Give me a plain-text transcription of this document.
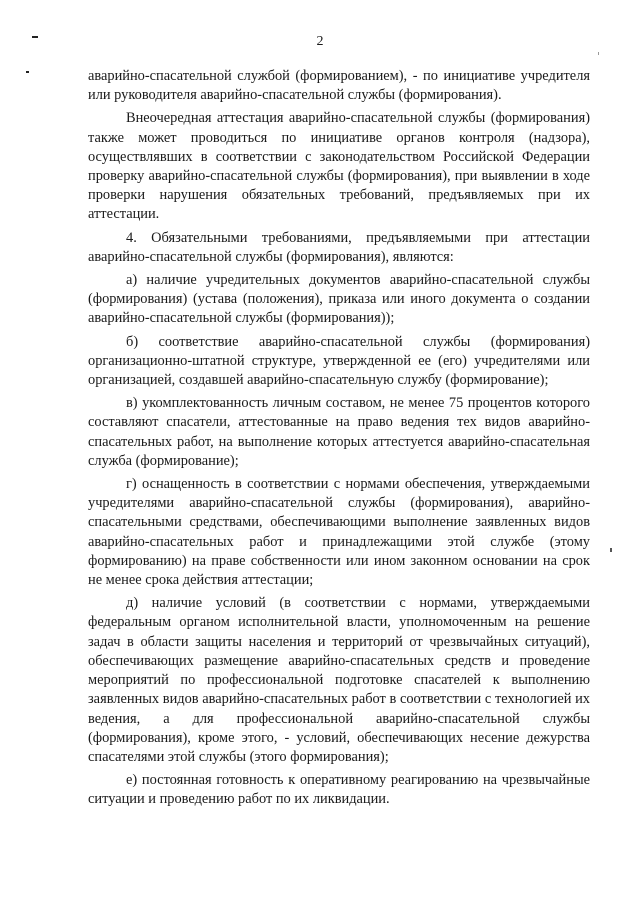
2

аварийно-спасательной службой (формированием), - по инициативе учредителя или руководителя аварийно-спасательной службы (формирования).

Внеочередная аттестация аварийно-спасательной службы (формирования) также может проводиться по инициативе органов контроля (надзора), осуществлявших в соответствии с законодательством Российской Федерации проверку аварийно-спасательной службы (формирования), при выявлении в ходе проверки нарушения обязательных требований, предъявляемых при их аттестации.

4. Обязательными требованиями, предъявляемыми при аттестации аварийно-спасательной службы (формирования), являются:

а) наличие учредительных документов аварийно-спасательной службы (формирования) (устава (положения), приказа или иного документа о создании аварийно-спасательной службы (формирования));

б) соответствие аварийно-спасательной службы (формирования) организационно-штатной структуре, утвержденной ее (его) учредителями или организацией, создавшей аварийно-спасательную службу (формирование);

в) укомплектованность личным составом, не менее 75 процентов которого составляют спасатели, аттестованные на право ведения тех видов аварийно-спасательных работ, на выполнение которых аттестуется аварийно-спасательная служба (формирование);

г) оснащенность в соответствии с нормами обеспечения, утверждаемыми учредителями аварийно-спасательной службы (формирования), аварийно-спасательными средствами, обеспечивающими выполнение заявленных видов аварийно-спасательных работ и принадлежащими этой службе (этому формированию) на праве собственности или ином законном основании на срок не менее срока действия аттестации;

д) наличие условий (в соответствии с нормами, утверждаемыми федеральным органом исполнительной власти, уполномоченным на решение задач в области защиты населения и территорий от чрезвычайных ситуаций), обеспечивающих размещение аварийно-спасательных средств и проведение мероприятий по профессиональной подготовке спасателей к выполнению заявленных видов аварийно-спасательных работ в соответствии с технологией их ведения, а для профессиональной аварийно-спасательной службы (формирования), кроме этого, - условий, обеспечивающих несение дежурства спасателями этой службы (этого формирования);

е) постоянная готовность к оперативному реагированию на чрезвычайные ситуации и проведению работ по их ликвидации.
